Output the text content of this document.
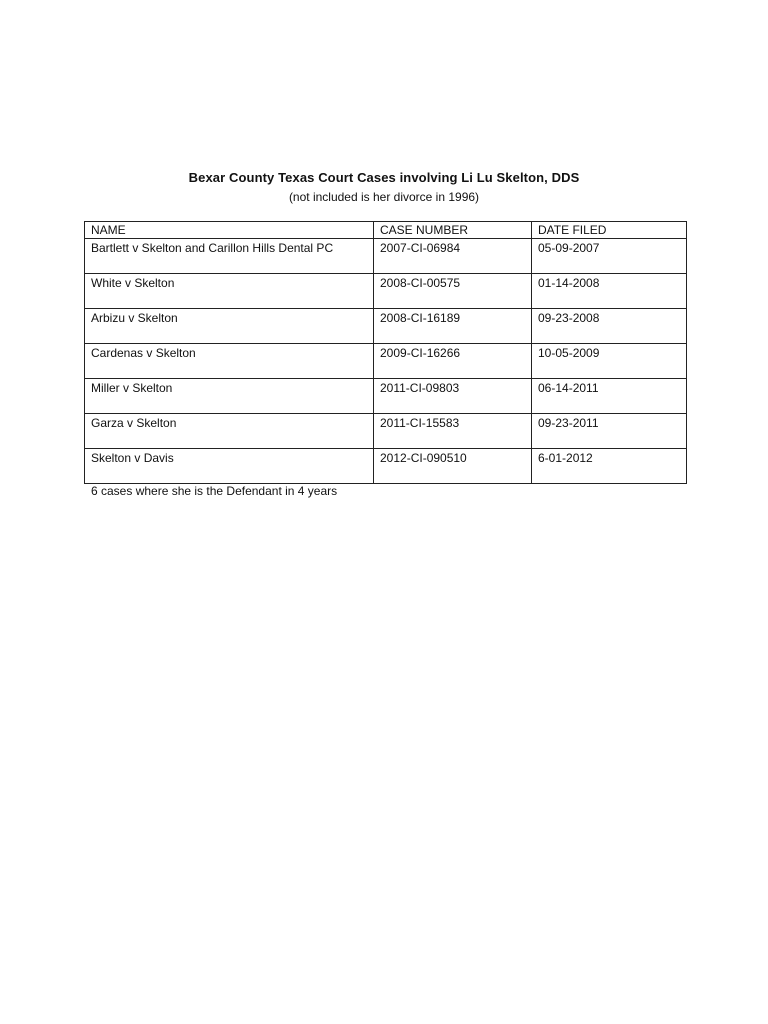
Bexar County Texas Court Cases involving Li Lu Skelton, DDS
(not included is her divorce in 1996)
NAME	CASE NUMBER	DATE FILED
Bartlett v Skelton and Carillon Hills Dental PC	2007-CI-06984	05-09-2007
White v Skelton	2008-CI-00575	01-14-2008
Arbizu v Skelton	2008-CI-16189	09-23-2008
Cardenas v Skelton	2009-CI-16266	10-05-2009
Miller v Skelton	2011-CI-09803	06-14-2011
Garza v Skelton	2011-CI-15583	09-23-2011
Skelton v Davis	2012-CI-090510	6-01-2012
6 cases where she is the Defendant in 4 years
